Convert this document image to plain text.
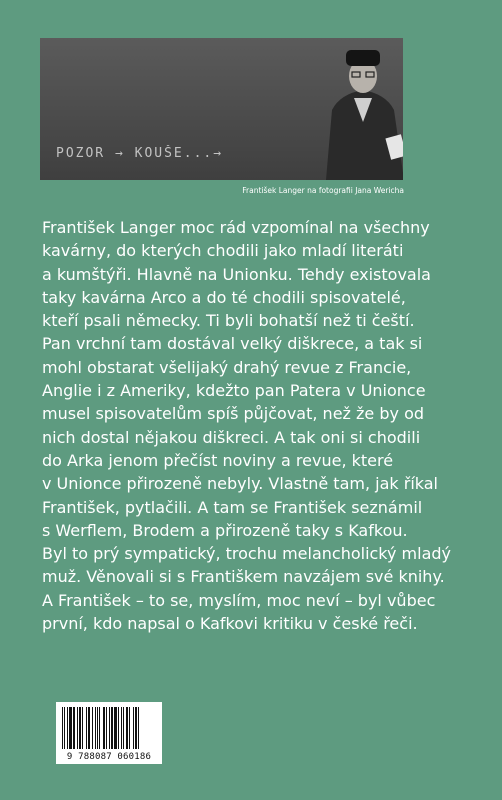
POZOR → KOUŠE...→
František Langer na fotografii Jana Wericha
František Langer moc rád vzpomínal na všechny
kavárny, do kterých chodili jako mladí literáti
a kumštýři. Hlavně na Unionku. Tehdy existovala
taky kavárna Arco a do té chodili spisovatelé,
kteří psali německy. Ti byli bohatší než ti čeští.
Pan vrchní tam dostával velký diškrece, a tak si
mohl obstarat všelijaký drahý revue z Francie,
Anglie i z Ameriky, kdežto pan Patera v Unionce
musel spisovatelům spíš půjčovat, než že by od
nich dostal nějakou diškreci. A tak oni si chodili
do Arka jenom přečíst noviny a revue, které
v Unionce přirozeně nebyly. Vlastně tam, jak říkal
František, pytlačili. A tam se František seznámil
s Werflem, Brodem a přirozeně taky s Kafkou.
Byl to prý sympatický, trochu melancholický mladý
muž. Věnovali si s Františkem navzájem své knihy.
A František – to se, myslím, moc neví – byl vůbec
první, kdo napsal o Kafkovi kritiku v české řeči.
9 788087 060186
